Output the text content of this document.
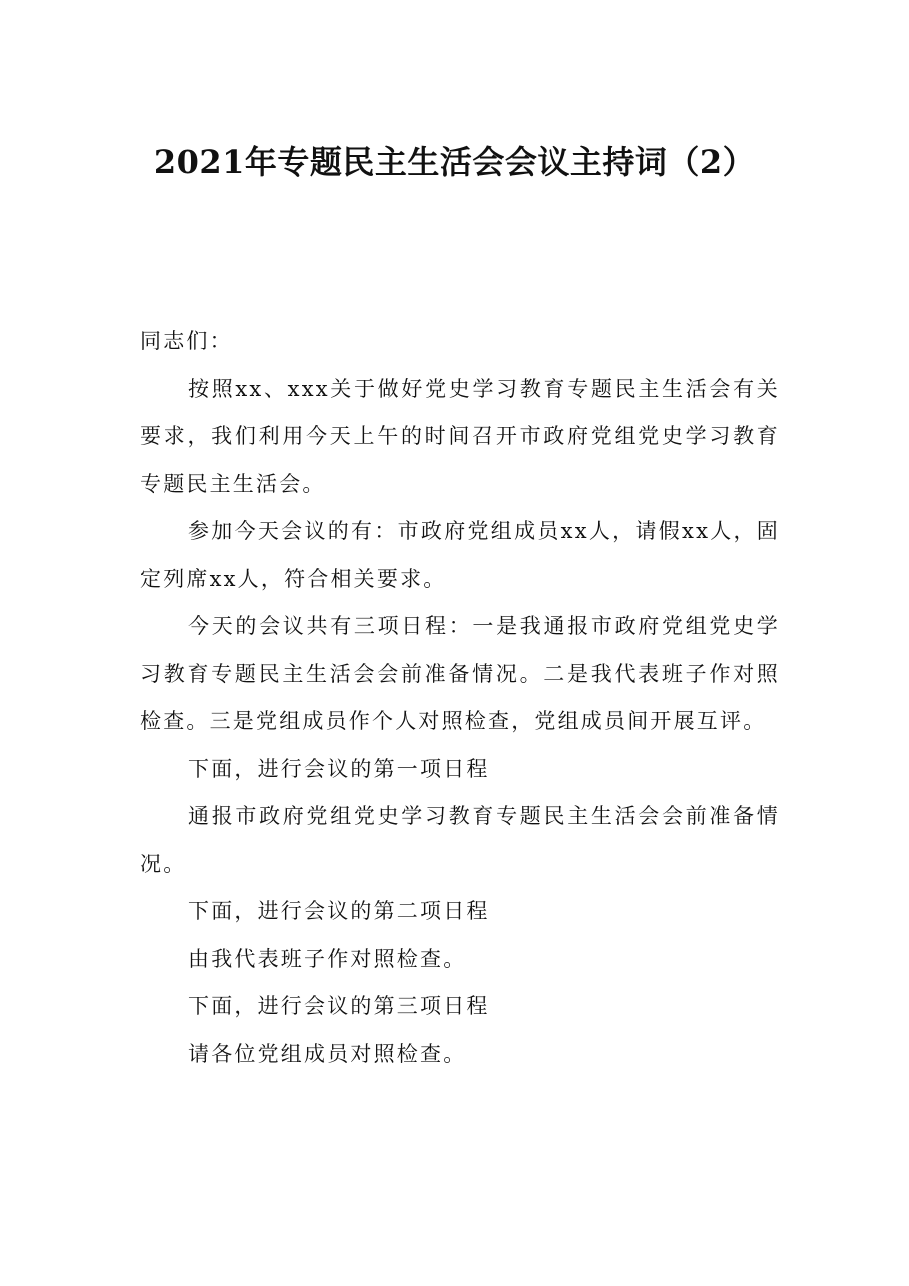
2021年专题民主生活会会议主持词（2）

同志们：

按照xx、xxx关于做好党史学习教育专题民主生活会有关要求，我们利用今天上午的时间召开市政府党组党史学习教育专题民主生活会。

参加今天会议的有：市政府党组成员xx人，请假xx人，固定列席xx人，符合相关要求。

今天的会议共有三项日程：一是我通报市政府党组党史学习教育专题民主生活会会前准备情况。二是我代表班子作对照检查。三是党组成员作个人对照检查，党组成员间开展互评。

下面，进行会议的第一项日程

通报市政府党组党史学习教育专题民主生活会会前准备情况。

下面，进行会议的第二项日程

由我代表班子作对照检查。

下面，进行会议的第三项日程

请各位党组成员对照检查。
